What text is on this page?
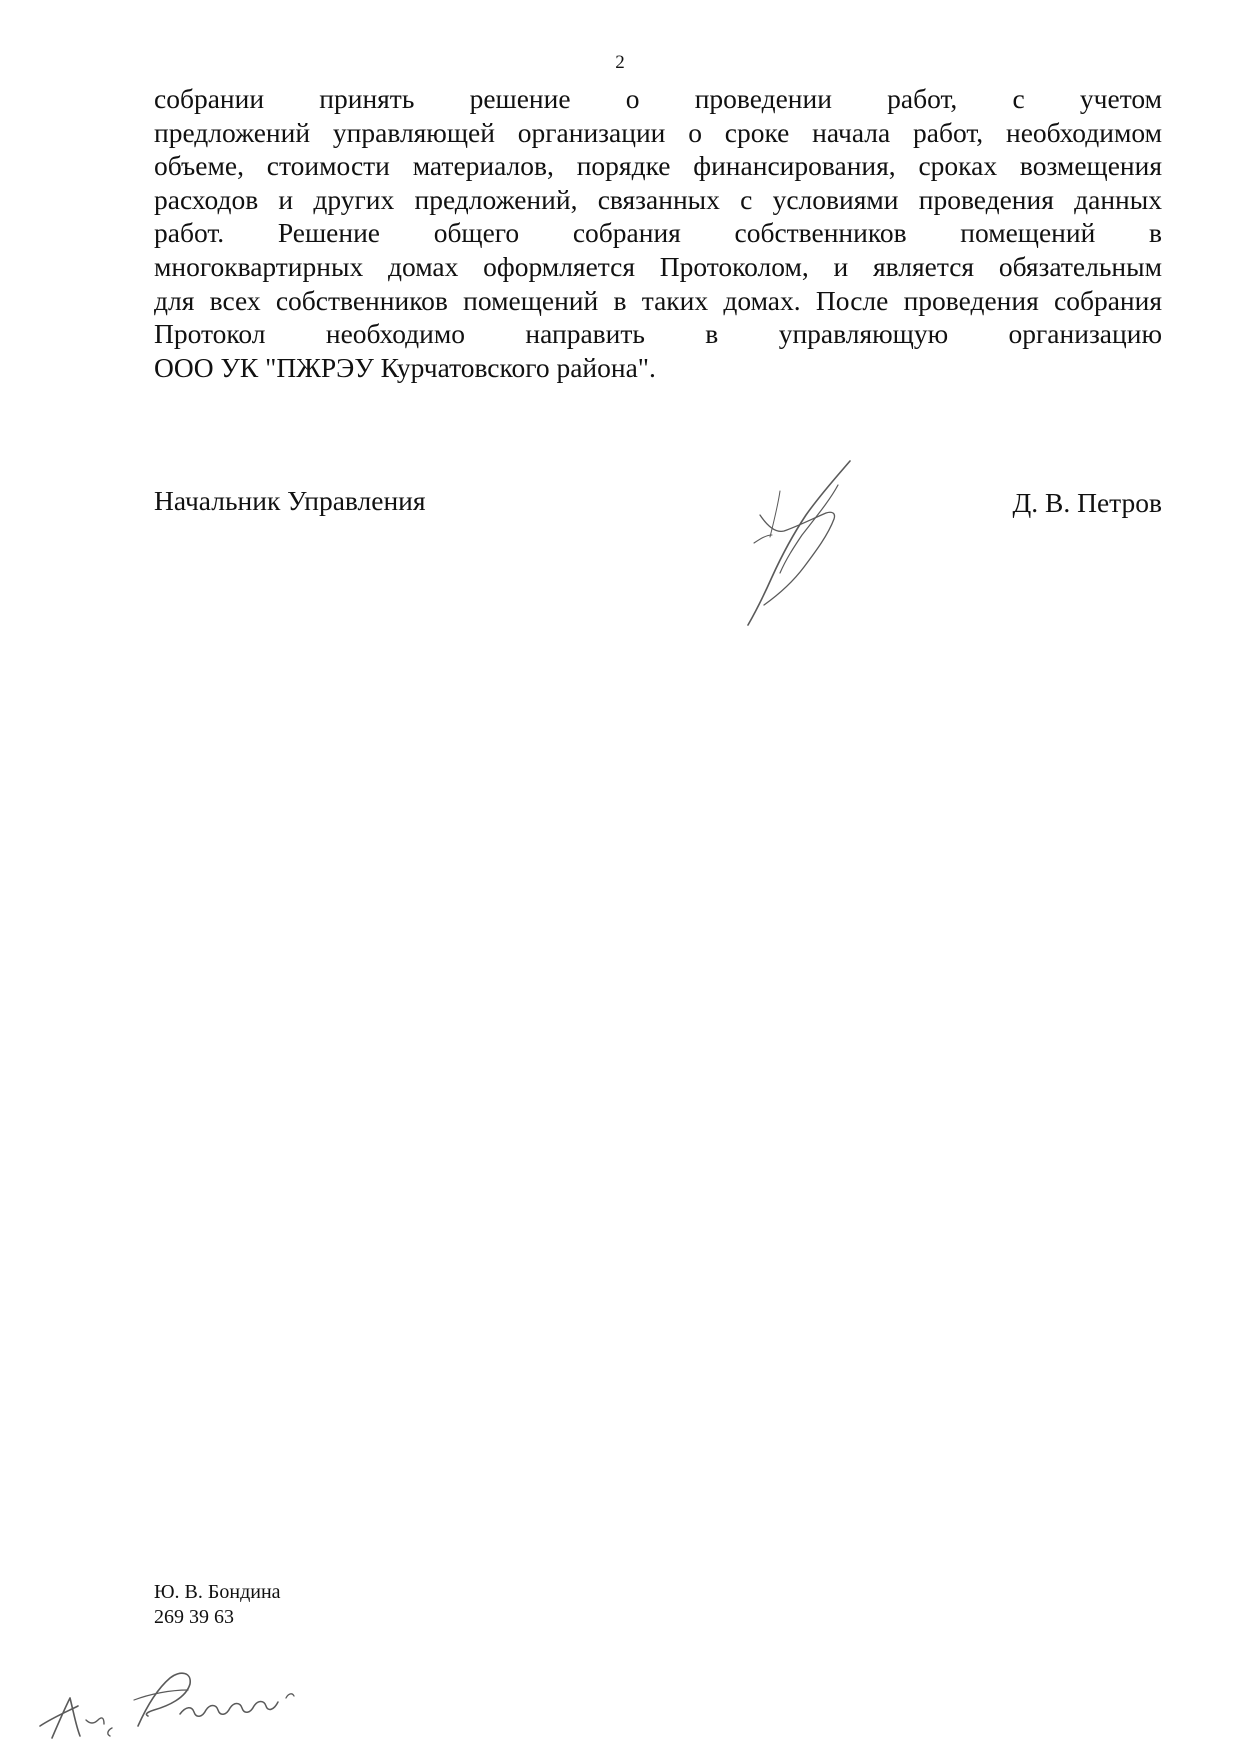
2
собрании принять решение о проведении работ, с учетом
предложений управляющей организации о сроке начала работ, необходимом
объеме, стоимости материалов, порядке финансирования, сроках возмещения
расходов и других предложений, связанных с условиями проведения данных
работ. Решение общего собрания собственников помещений в
многоквартирных домах оформляется Протоколом, и является обязательным
для всех собственников помещений в таких домах. После проведения собрания
Протокол необходимо направить в управляющую организацию
ООО УК "ПЖРЭУ Курчатовского района".
Начальник Управления	Д. В. Петров
Ю. В. Бондина
269 39 63
